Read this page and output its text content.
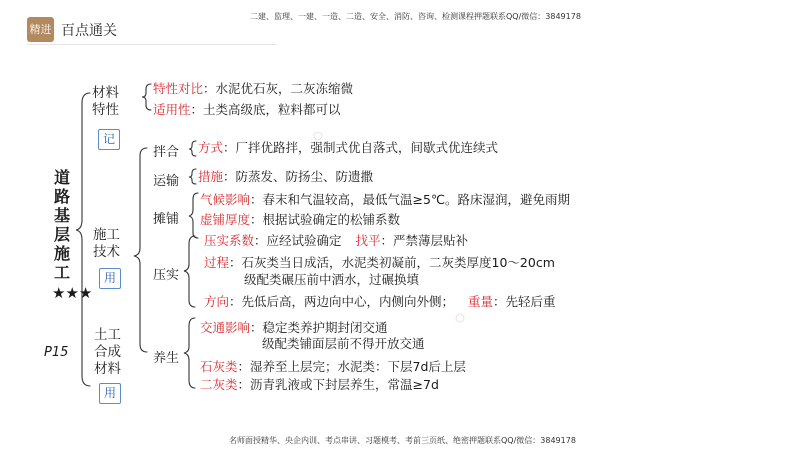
精进 百点通关
二建、监理、一建、一造、二造、安全、消防、咨询、检测课程押题联系QQ/微信：3849178
道路基层施工
★★★
P15
材料
特性
记
特性对比：水泥优石灰，二灰冻缩微
适用性：土类高级底，粒料都可以
施工
技术
用
拌合 方式：厂拌优路拌，强制式优自落式，间歇式优连续式
运输 措施：防蒸发、防扬尘、防遗撒
摊铺
气候影响：春末和气温较高，最低气温≥5℃。路床湿润，避免雨期
虚铺厚度：根据试验确定的松铺系数
压实
压实系数：应经试验确定 找平：严禁薄层贴补
过程：石灰类当日成活，水泥类初凝前，二灰类厚度10～20cm
级配类碾压前中洒水，过碾换填
方向：先低后高，两边向中心，内侧向外侧； 重量：先轻后重
养生
交通影响：稳定类养护期封闭交通
级配类铺面层前不得开放交通
石灰类：湿养至上层完；水泥类：下层7d后上层
二灰类：沥青乳液或下封层养生，常温≥7d
土工
合成
材料
用
名师面授精华、央企内训、考点串讲、习题模考、考前三页纸、绝密押题联系QQ/微信：3849178
